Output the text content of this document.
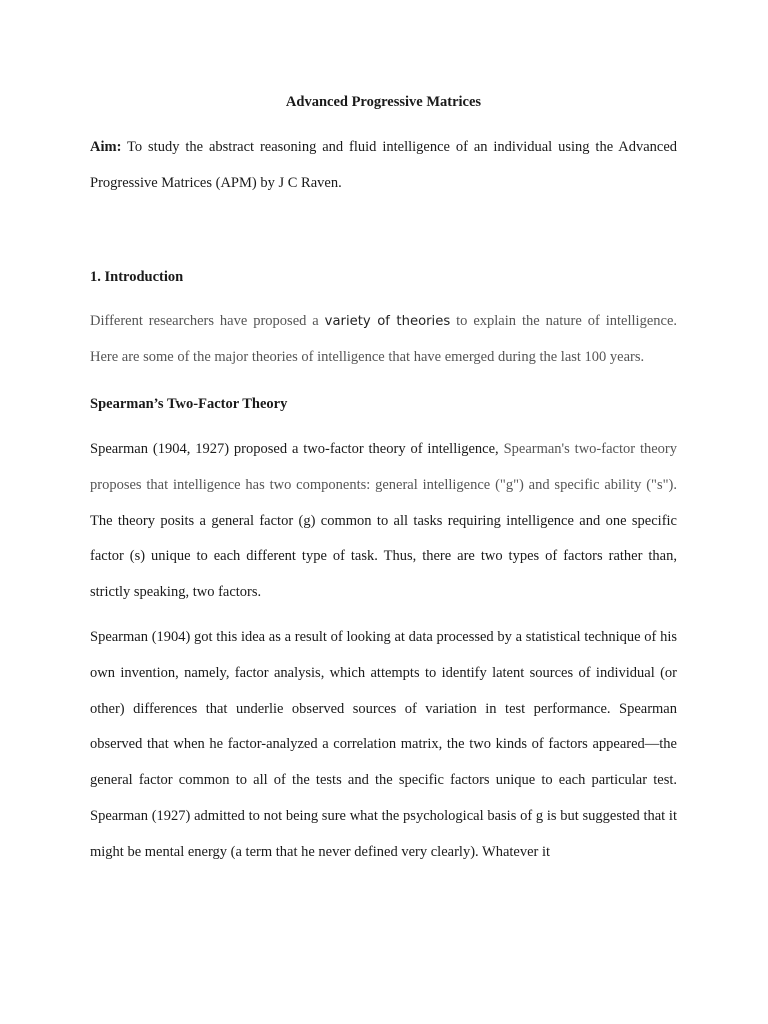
Advanced Progressive Matrices
Aim: To study the abstract reasoning and fluid intelligence of an individual using the Advanced Progressive Matrices (APM) by J C Raven.
1. Introduction
Different researchers have proposed a variety of theories to explain the nature of intelligence. Here are some of the major theories of intelligence that have emerged during the last 100 years.
Spearman’s Two-Factor Theory
Spearman (1904, 1927) proposed a two-factor theory of intelligence, Spearman's two-factor theory proposes that intelligence has two components: general intelligence ("g") and specific ability ("s"). The theory posits a general factor (g) common to all tasks requiring intelligence and one specific factor (s) unique to each different type of task. Thus, there are two types of factors rather than, strictly speaking, two factors.
Spearman (1904) got this idea as a result of looking at data processed by a statistical technique of his own invention, namely, factor analysis, which attempts to identify latent sources of individual (or other) differences that underlie observed sources of variation in test performance. Spearman observed that when he factor-analyzed a correlation matrix, the two kinds of factors appeared—the general factor common to all of the tests and the specific factors unique to each particular test. Spearman (1927) admitted to not being sure what the psychological basis of g is but suggested that it might be mental energy (a term that he never defined very clearly). Whatever it
